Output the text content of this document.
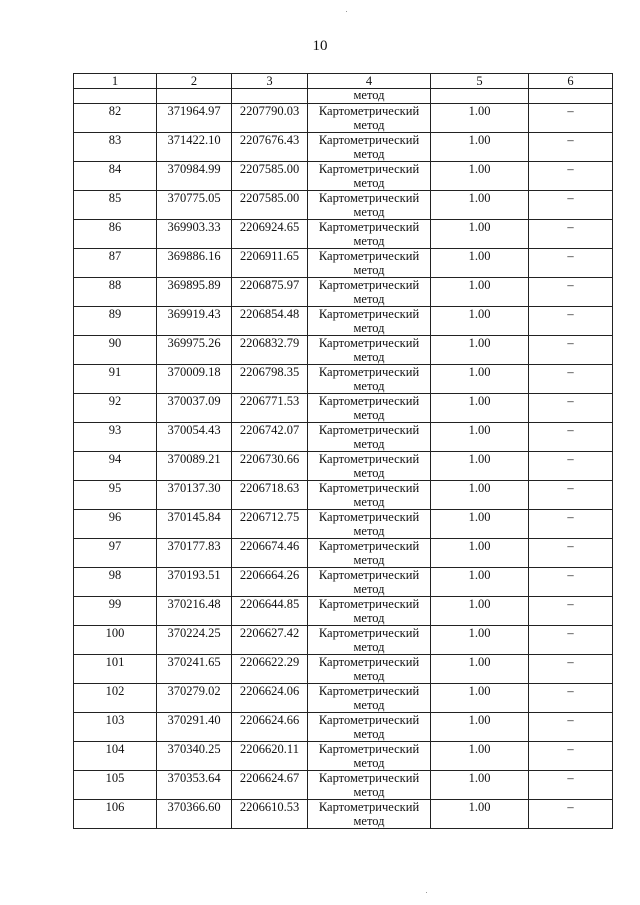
10
1	2	3	4	5	6
			метод		
82	371964.97	2207790.03	Картометрический метод	1.00	–
83	371422.10	2207676.43	Картометрический метод	1.00	–
84	370984.99	2207585.00	Картометрический метод	1.00	–
85	370775.05	2207585.00	Картометрический метод	1.00	–
86	369903.33	2206924.65	Картометрический метод	1.00	–
87	369886.16	2206911.65	Картометрический метод	1.00	–
88	369895.89	2206875.97	Картометрический метод	1.00	–
89	369919.43	2206854.48	Картометрический метод	1.00	–
90	369975.26	2206832.79	Картометрический метод	1.00	–
91	370009.18	2206798.35	Картометрический метод	1.00	–
92	370037.09	2206771.53	Картометрический метод	1.00	–
93	370054.43	2206742.07	Картометрический метод	1.00	–
94	370089.21	2206730.66	Картометрический метод	1.00	–
95	370137.30	2206718.63	Картометрический метод	1.00	–
96	370145.84	2206712.75	Картометрический метод	1.00	–
97	370177.83	2206674.46	Картометрический метод	1.00	–
98	370193.51	2206664.26	Картометрический метод	1.00	–
99	370216.48	2206644.85	Картометрический метод	1.00	–
100	370224.25	2206627.42	Картометрический метод	1.00	–
101	370241.65	2206622.29	Картометрический метод	1.00	–
102	370279.02	2206624.06	Картометрический метод	1.00	–
103	370291.40	2206624.66	Картометрический метод	1.00	–
104	370340.25	2206620.11	Картометрический метод	1.00	–
105	370353.64	2206624.67	Картометрический метод	1.00	–
106	370366.60	2206610.53	Картометрический метод	1.00	–
